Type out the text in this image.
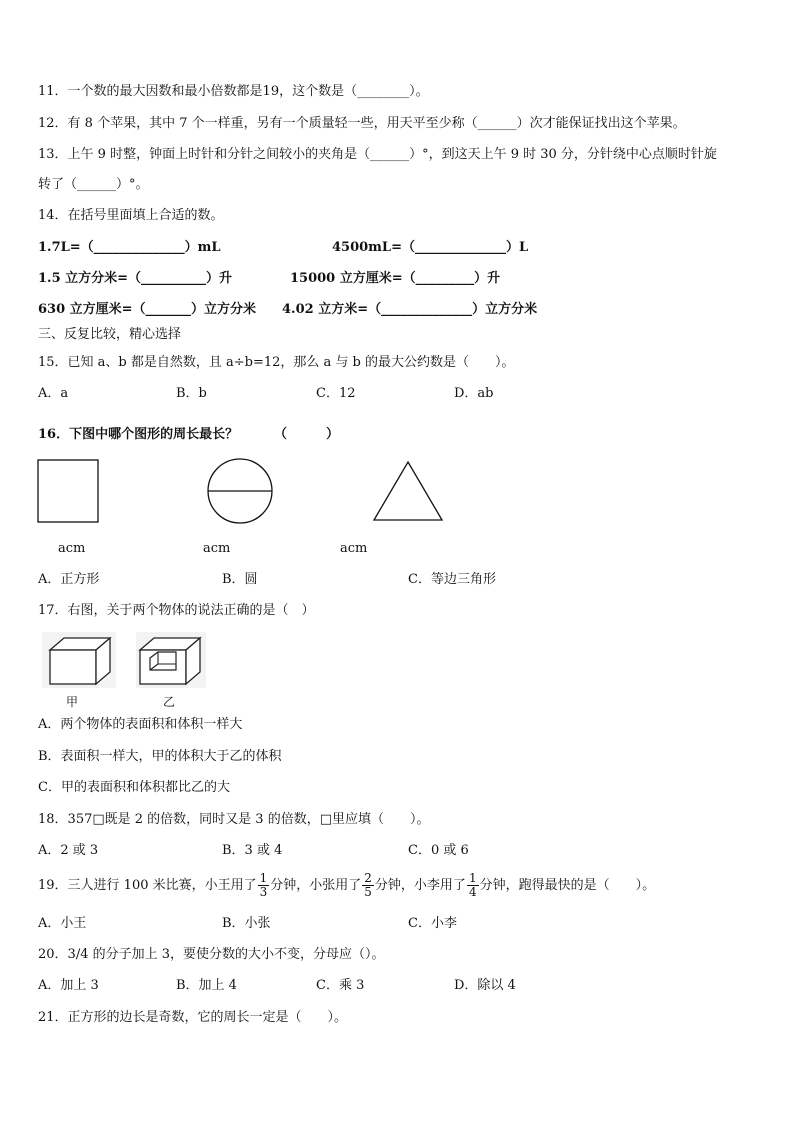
11．一个数的最大因数和最小倍数都是19，这个数是（________）。
12．有 8 个苹果，其中 7 个一样重，另有一个质量轻一些，用天平至少称（______）次才能保证找出这个苹果。
13．上午 9 时整，钟面上时针和分针之间较小的夹角是（______）°，到这天上午 9 时 30 分，分针绕中心点顺时针旋
转了（______）°。
14．在括号里面填上合适的数。
1.7L=（______________）mL	4500mL=（______________）L
1.5 立方分米=（__________）升	15000 立方厘米=（_________）升
630 立方厘米=（_______）立方分米 4.02 立方米=（______________）立方分米
三、反复比较，精心选择
15．已知 a、b 都是自然数，且 a÷b=12，那么 a 与 b 的最大公约数是（　　）。
A．a	B．b	C．12	D．ab
16．下图中哪个图形的周长最长？	（　　　）
acm	acm	acm
A．正方形	B．圆	C．等边三角形
17．右图，关于两个物体的说法正确的是（　）
甲	乙
A．两个物体的表面积和体积一样大
B．表面积一样大，甲的体积大于乙的体积
C．甲的表面积和体积都比乙的大
18．357□既是 2 的倍数，同时又是 3 的倍数，□里应填（　　）。
A．2 或 3	B．3 或 4	C．0 或 6
19．三人进行 100 米比赛，小王用了 $\frac{1}{3}$ 分钟，小张用了 $\frac{2}{5}$ 分钟，小李用了 $\frac{1}{4}$ 分钟，跑得最快的是（　　）。
A．小王	B．小张	C．小李
20．3/4 的分子加上 3，要使分数的大小不变，分母应（）。
A．加上 3	B．加上 4	C．乘 3	D．除以 4
21．正方形的边长是奇数，它的周长一定是（　　）。
